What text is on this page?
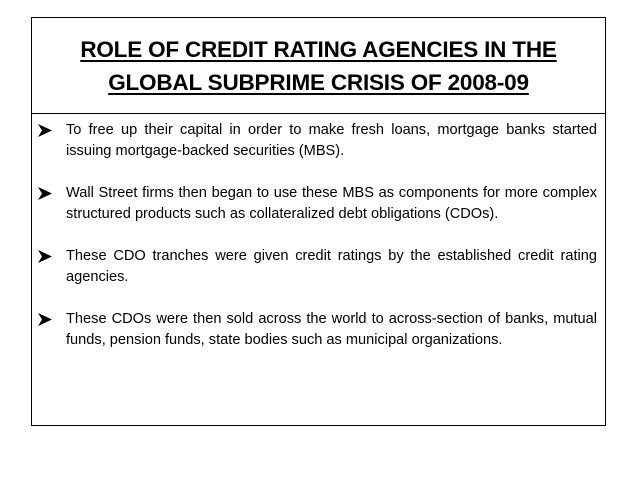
ROLE OF CREDIT RATING AGENCIES IN THE
GLOBAL SUBPRIME CRISIS OF 2008-09
To free up their capital in order to make fresh loans, mortgage banks started issuing mortgage-backed securities (MBS).
Wall Street firms then began to use these MBS as components for more complex structured products such as collateralized debt obligations (CDOs).
These CDO tranches were given credit ratings by the established credit rating agencies.
These CDOs were then sold across the world to across-section of banks, mutual funds, pension funds, state bodies such as municipal organizations.
